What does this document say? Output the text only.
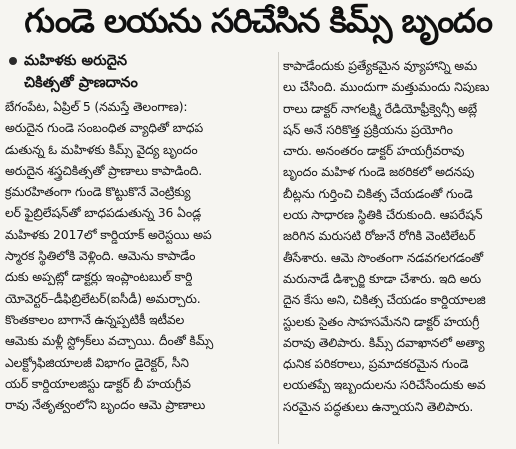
గుండె లయను సరిచేసిన కిమ్స్ బృందం
మహిళకు అరుదైన
చికిత్సతో ప్రాణదానం
బేగంపేట, ఏప్రిల్ 5 (నమస్తే తెలంగాణ):
అరుదైన గుండె సంబంధిత వ్యాధితో బాధప
డుతున్న ఓ మహిళకు కిమ్స్ వైద్య బృందం
అరుదైన శస్త్రచికిత్సతో ప్రాణాలు కాపాడింది.
క్రమరహితంగా గుండె కొట్టుకొనే వెంట్రిక్యు
లర్ ఫైబ్రిలేషన్‌తో బాధపడుతున్న 36 ఏండ్ల
మహిళకు 2017లో కార్డియాక్ అరెస్టయి అప
స్మారక స్థితిలోకి వెళ్లింది. ఆమెను కాపాడేం
దుకు అప్పట్లో డాక్టర్లు ఇంప్లాంటబుల్ కార్డి
యోవెర్టర్–డీఫిబ్రిలేటర్(ఐసీడీ) అమర్చారు.
కొంతకాలం బాగానే ఉన్నప్పటికీ ఇటీవల
ఆమెకు మళ్లీ స్ట్రోక్‌లు వచ్చాయి. దీంతో కిమ్స్
ఎలక్ట్రోఫిజియాలజీ విభాగం డైరెక్టర్, సీని
యర్ కార్డియాలజిస్టు డాక్టర్ బీ హయగ్రీవ
రావు నేతృత్వంలోని బృందం ఆమె ప్రాణాలు
కాపాడేందుకు ప్రత్యేకమైన వ్యూహాన్ని అమ
లు చేసింది. ముందుగా మత్తుమందు నిపుణు
రాలు డాక్టర్ నాగలక్ష్మి రేడియోఫ్రీక్వెన్సీ అబ్లే
షన్ అనే సరికొత్త ప్రక్రియను ప్రయోగిం
చారు. అనంతరం డాక్టర్ హయగ్రీవరావు
బృందం మహిళ గుండె జఠరికలో అదనపు
బీట్లను గుర్తించి చికిత్స చేయడంతో గుండె
లయ సాధారణ స్థితికి చేరుకుంది. ఆపరేషన్
జరిగిన మరుసటి రోజునే రోగికి వెంటిలేటర్
తీసేశారు. ఆమె సొంతంగా నడవగలగడంతో
మరునాడే డిశ్చార్జి కూడా చేశారు. ఇది అరు
దైన కేసు అని, చికిత్స చేయడం కార్డియాలజి
స్టులకు సైతం సాహసమేనని డాక్టర్ హయగ్రీ
వరావు తెలిపారు. కిమ్స్ దవాఖానలో అత్యా
ధునిక పరికరాలు, ప్రమాదకరమైన గుండె
లయతప్పే ఇబ్బందులను సరిచేసేందుకు అవ
సరమైన పద్ధతులు ఉన్నాయని తెలిపారు.
